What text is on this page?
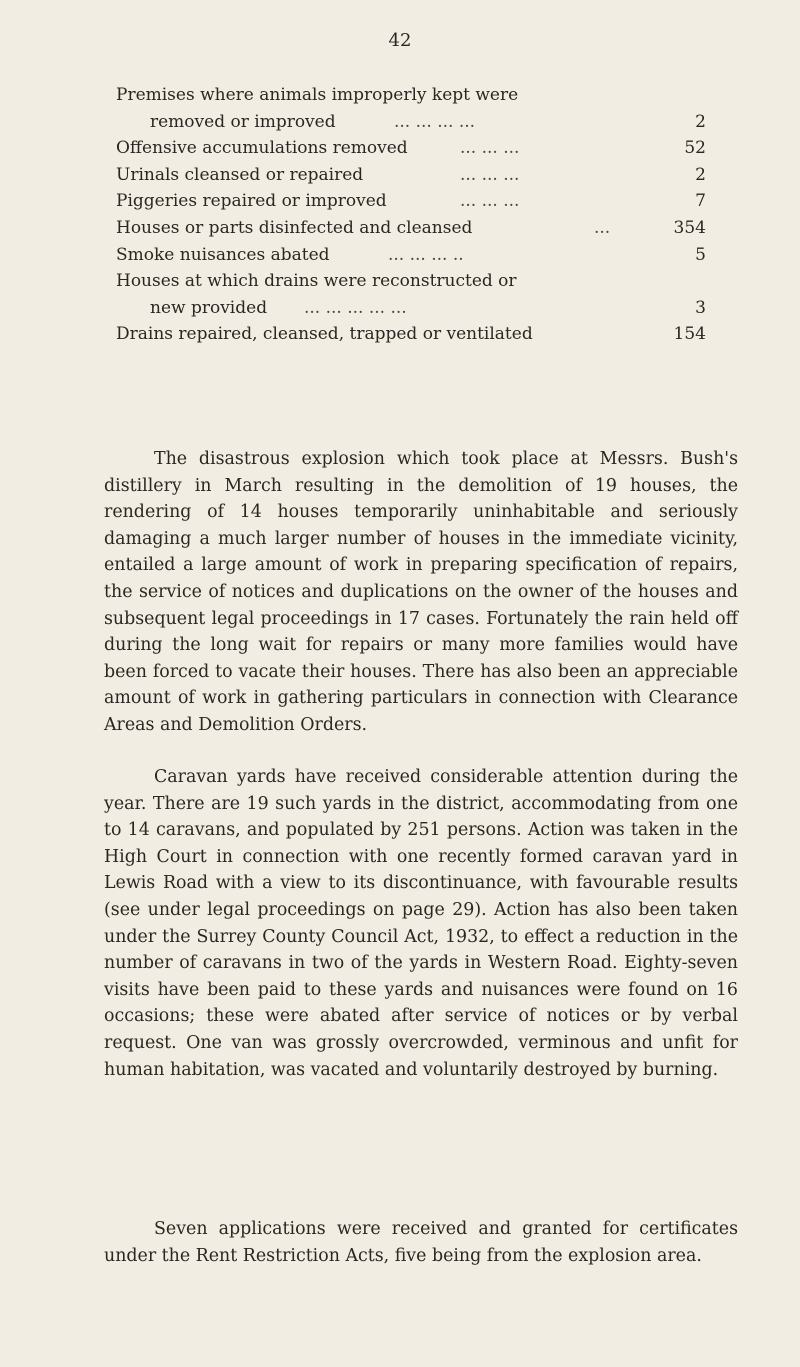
42
Premises where animals improperly kept were
removed or improved	... ... ... ...	2
Offensive accumulations removed	... ... ...	52
Urinals cleansed or repaired	... ... ...	2
Piggeries repaired or improved	... ... ...	7
Houses or parts disinfected and cleansed	...	354
Smoke nuisances abated	... ... ... ..	5
Houses at which drains were reconstructed or
new provided ... ... ... ... ...	3
Drains repaired, cleansed, trapped or ventilated	154

The disastrous explosion which took place at Messrs. Bush's distillery in March resulting in the demolition of 19 houses, the rendering of 14 houses temporarily uninhabitable and seriously damaging a much larger number of houses in the immediate vicinity, entailed a large amount of work in preparing specification of repairs, the service of notices and duplications on the owner of the houses and subsequent legal proceedings in 17 cases. Fortunately the rain held off during the long wait for repairs or many more families would have been forced to vacate their houses. There has also been an appreciable amount of work in gathering particulars in connection with Clearance Areas and Demolition Orders.

Caravan yards have received considerable attention during the year. There are 19 such yards in the district, accommodating from one to 14 caravans, and populated by 251 persons. Action was taken in the High Court in connection with one recently formed caravan yard in Lewis Road with a view to its discontinuance, with favourable results (see under legal proceedings on page 29). Action has also been taken under the Surrey County Council Act, 1932, to effect a reduction in the number of caravans in two of the yards in Western Road. Eighty-seven visits have been paid to these yards and nuisances were found on 16 occasions; these were abated after service of notices or by verbal request. One van was grossly overcrowded, verminous and unfit for human habitation, was vacated and voluntarily destroyed by burning.

Seven applications were received and granted for certificates under the Rent Restriction Acts, five being from the explosion area.
